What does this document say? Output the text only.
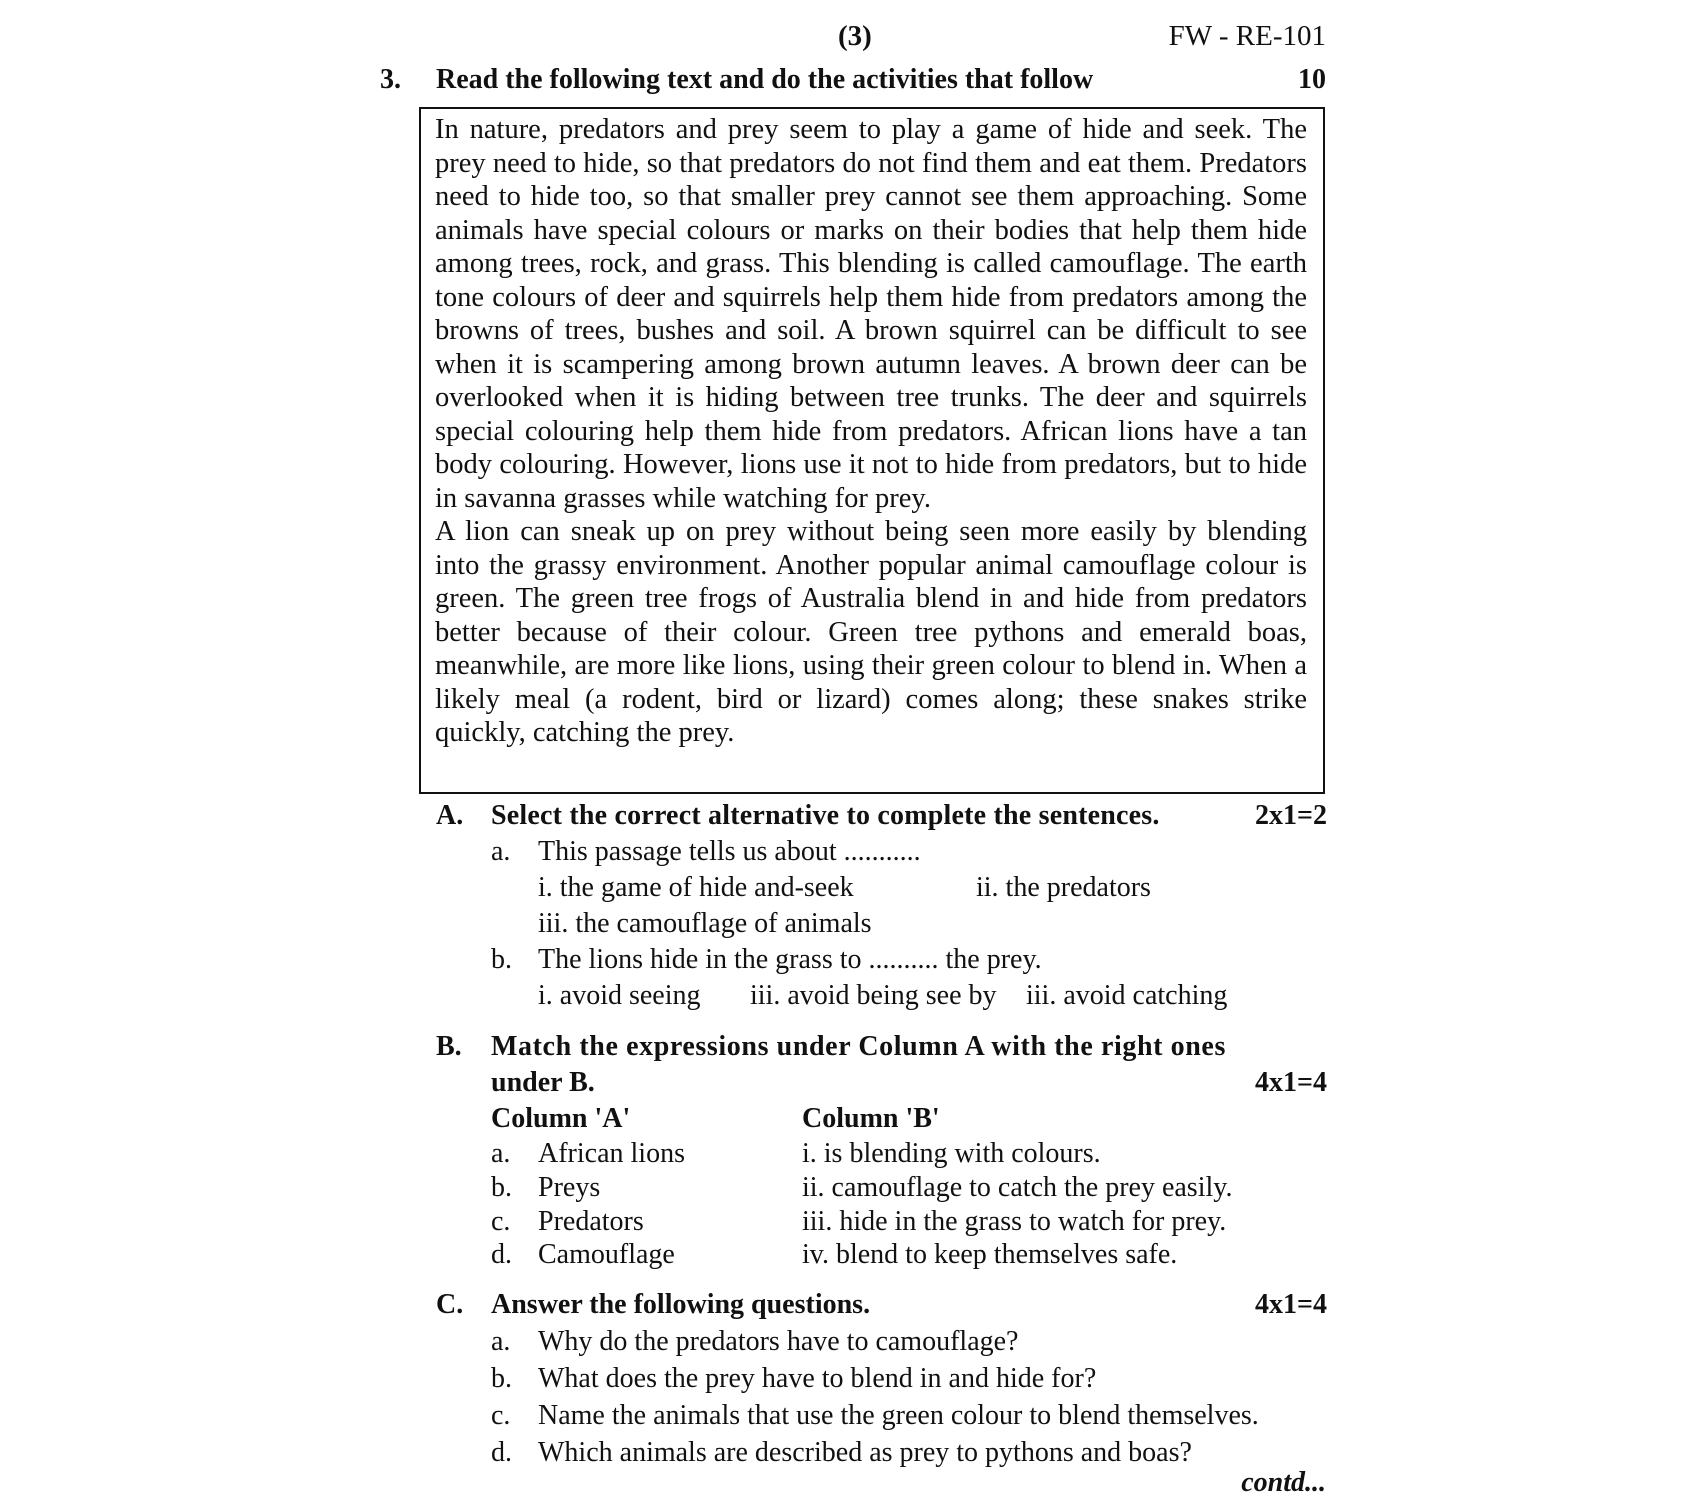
(3)	FW - RE-101
3. Read the following text and do the activities that follow	10

In nature, predators and prey seem to play a game of hide and seek. The prey need to hide, so that predators do not find them and eat them. Predators need to hide too, so that smaller prey cannot see them approaching. Some animals have special colours or marks on their bodies that help them hide among trees, rock, and grass. This blending is called camouflage. The earth tone colours of deer and squirrels help them hide from predators among the browns of trees, bushes and soil. A brown squirrel can be difficult to see when it is scampering among brown autumn leaves. A brown deer can be overlooked when it is hiding between tree trunks. The deer and squirrels special colouring help them hide from predators. African lions have a tan body colouring. However, lions use it not to hide from predators, but to hide in savanna grasses while watching for prey.

A lion can sneak up on prey without being seen more easily by blending into the grassy environment. Another popular animal camouflage colour is green. The green tree frogs of Australia blend in and hide from predators better because of their colour. Green tree pythons and emerald boas, meanwhile, are more like lions, using their green colour to blend in. When a likely meal (a rodent, bird or lizard) comes along; these snakes strike quickly, catching the prey.

A. Select the correct alternative to complete the sentences.	2x1=2
a. This passage tells us about ...........
i. the game of hide and-seek	ii. the predators
iii. the camouflage of animals
b. The lions hide in the grass to .......... the prey.
i. avoid seeing iii. avoid being see by iii. avoid catching
B. Match the expressions under Column A with the right ones
under B.	4x1=4
Column 'A'	Column 'B'
a. African lions	i. is blending with colours.
b. Preys	ii. camouflage to catch the prey easily.
c. Predators	iii. hide in the grass to watch for prey.
d. Camouflage	iv. blend to keep themselves safe.
C. Answer the following questions.	4x1=4
a. Why do the predators have to camouflage?
b. What does the prey have to blend in and hide for?
c. Name the animals that use the green colour to blend themselves.
d. Which animals are described as prey to pythons and boas?
contd...
